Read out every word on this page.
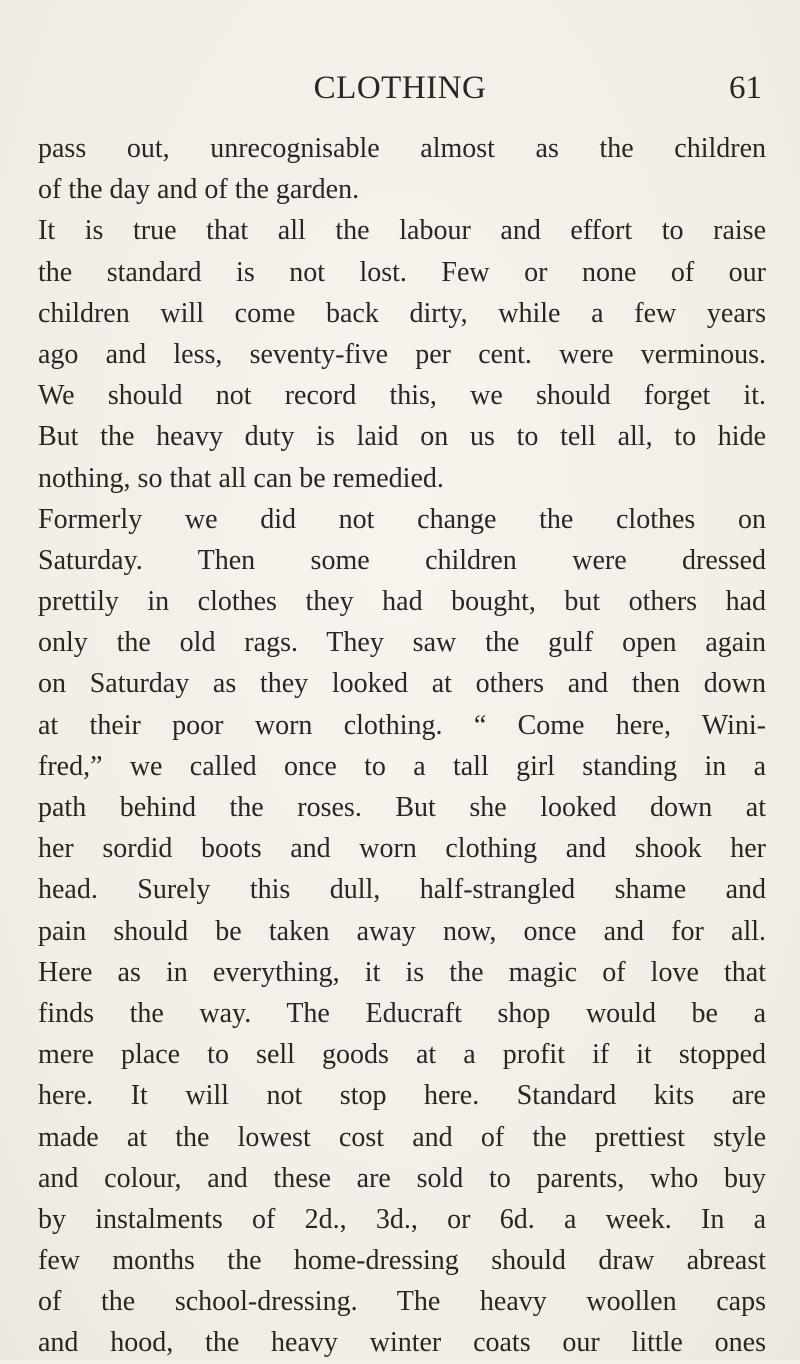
CLOTHING	61
pass out, unrecognisable almost as the children
of the day and of the garden.
It is true that all the labour and effort to raise
the standard is not lost. Few or none of our
children will come back dirty, while a few years
ago and less, seventy-five per cent. were verminous.
We should not record this, we should forget it.
But the heavy duty is laid on us to tell all, to hide
nothing, so that all can be remedied.
Formerly we did not change the clothes on
Saturday. Then some children were dressed
prettily in clothes they had bought, but others had
only the old rags. They saw the gulf open again
on Saturday as they looked at others and then down
at their poor worn clothing. “ Come here, Wini-
fred,” we called once to a tall girl standing in a
path behind the roses. But she looked down at
her sordid boots and worn clothing and shook her
head. Surely this dull, half-strangled shame and
pain should be taken away now, once and for all.
Here as in everything, it is the magic of love that
finds the way. The Educraft shop would be a
mere place to sell goods at a profit if it stopped
here. It will not stop here. Standard kits are
made at the lowest cost and of the prettiest style
and colour, and these are sold to parents, who buy
by instalments of 2d., 3d., or 6d. a week. In a
few months the home-dressing should draw abreast
of the school-dressing. The heavy woollen caps
and hood, the heavy winter coats our little ones
